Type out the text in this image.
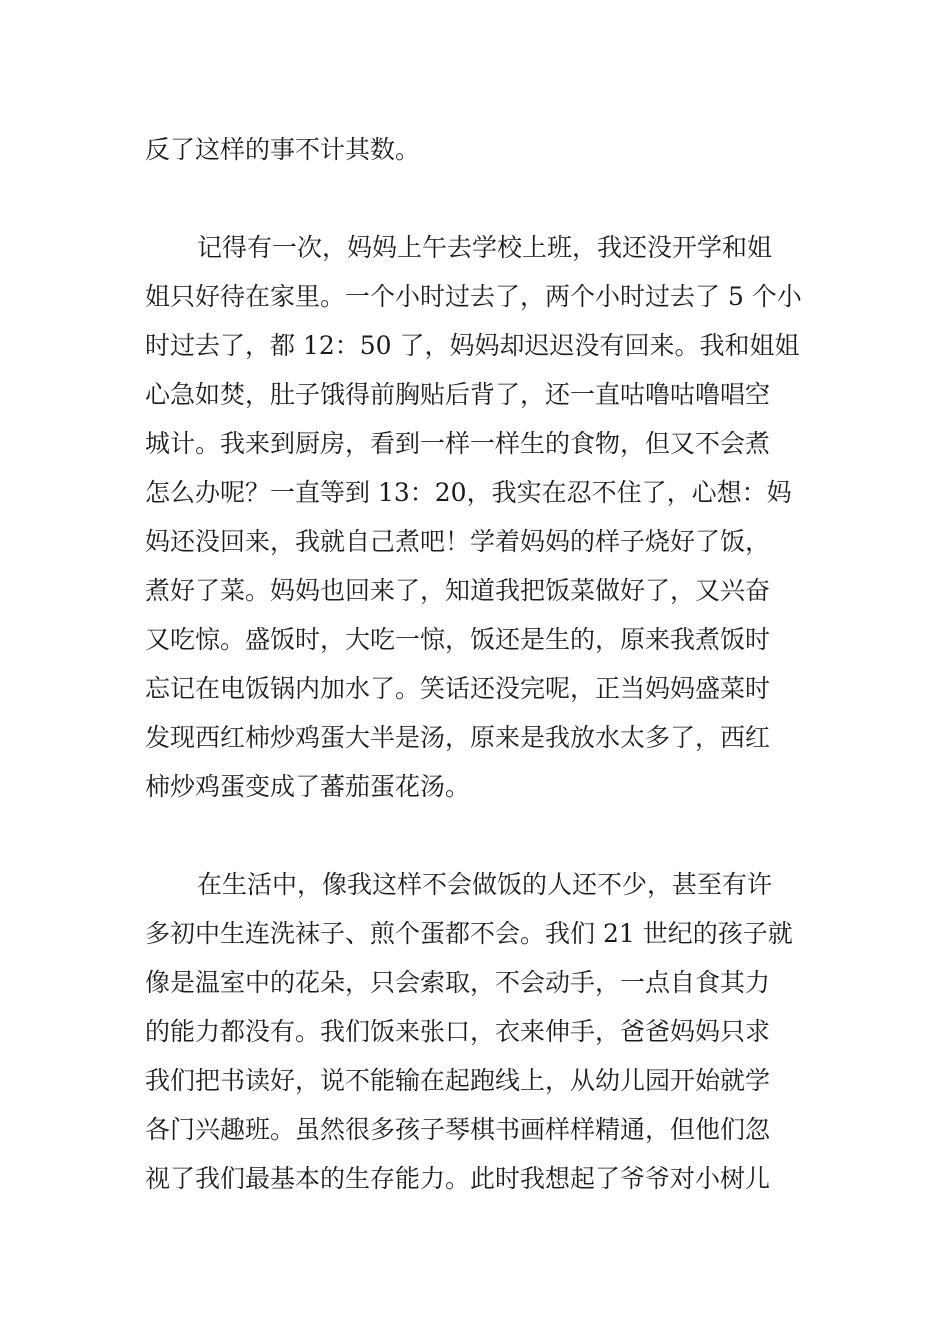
反了这样的事不计其数。
记得有一次，妈妈上午去学校上班，我还没开学和姐
姐只好待在家里。一个小时过去了，两个小时过去了 5 个小
时过去了，都 12：50 了，妈妈却迟迟没有回来。我和姐姐
心急如焚，肚子饿得前胸贴后背了，还一直咕噜咕噜唱空
城计。我来到厨房，看到一样一样生的食物，但又不会煮
怎么办呢？一直等到 13：20，我实在忍不住了，心想：妈
妈还没回来，我就自己煮吧！学着妈妈的样子烧好了饭，
煮好了菜。妈妈也回来了，知道我把饭菜做好了，又兴奋
又吃惊。盛饭时，大吃一惊，饭还是生的，原来我煮饭时
忘记在电饭锅内加水了。笑话还没完呢，正当妈妈盛菜时
发现西红柿炒鸡蛋大半是汤，原来是我放水太多了，西红
柿炒鸡蛋变成了蕃茄蛋花汤。
在生活中，像我这样不会做饭的人还不少，甚至有许
多初中生连洗袜子、煎个蛋都不会。我们 21 世纪的孩子就
像是温室中的花朵，只会索取，不会动手，一点自食其力
的能力都没有。我们饭来张口，衣来伸手，爸爸妈妈只求
我们把书读好，说不能输在起跑线上，从幼儿园开始就学
各门兴趣班。虽然很多孩子琴棋书画样样精通，但他们忽
视了我们最基本的生存能力。此时我想起了爷爷对小树儿
